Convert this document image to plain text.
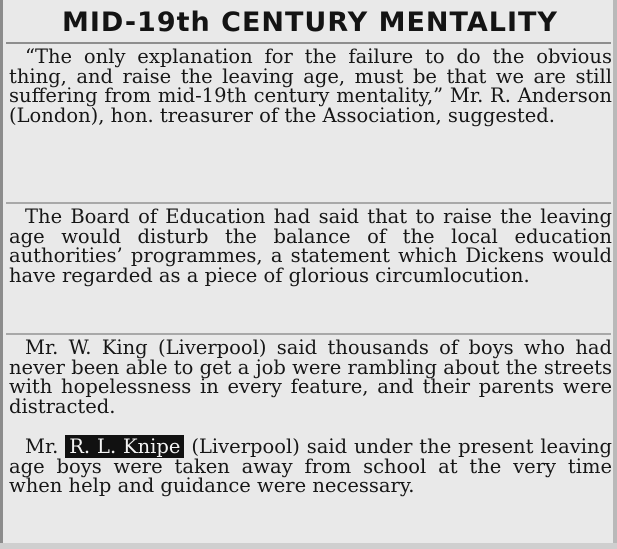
MID-19th CENTURY MENTALITY
“The only explanation for the failure to do the obvious thing, and raise the leaving age, must be that we are still suffering from mid-19th century mentality,” Mr. R. Anderson (London), hon. treasurer of the Association, suggested.
The Board of Education had said that to raise the leaving age would disturb the balance of the local education authorities’ programmes, a statement which Dickens would have regarded as a piece of glorious circumlocution.
Mr. W. King (Liverpool) said thousands of boys who had never been able to get a job were rambling about the streets with hopelessness in every feature, and their parents were distracted.
Mr. R. L. Knipe (Liverpool) said under the present leaving age boys were taken away from school at the very time when help and guidance were necessary.
